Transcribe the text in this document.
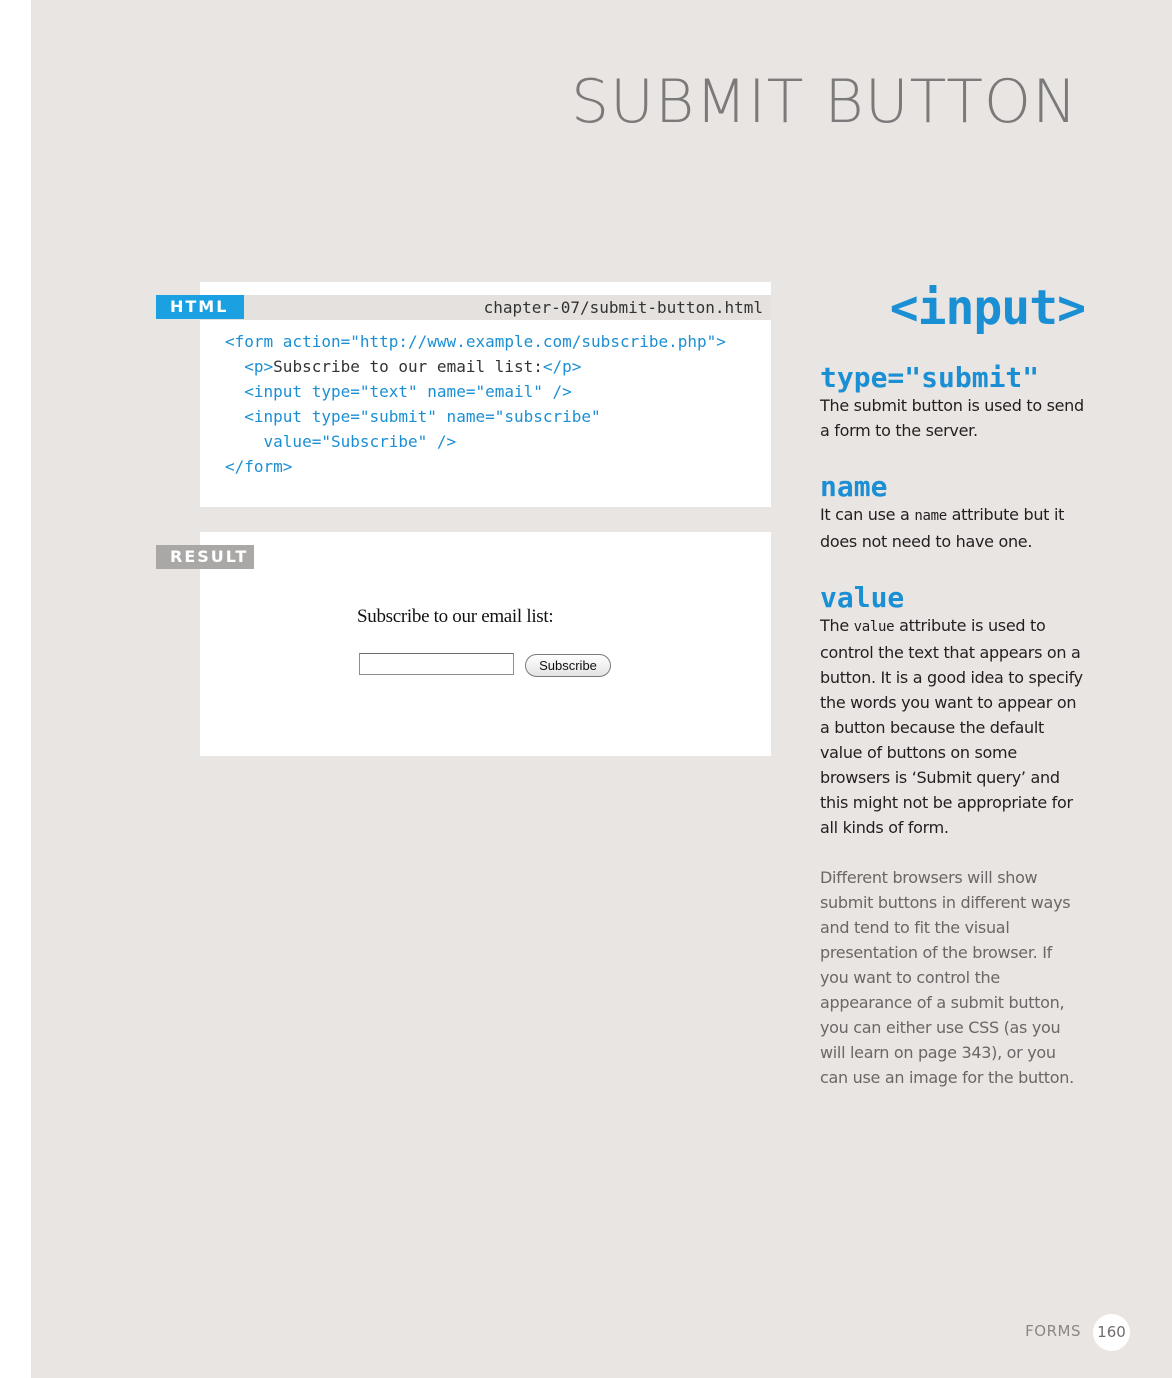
SUBMIT BUTTON
chapter-07/submit-button.html
<form action="http://www.example.com/subscribe.php">
<p>Subscribe to our email list:</p>
<input type="text" name="email" />
<input type="submit" name="subscribe"
value="Subscribe" />
</form>

Subscribe to our email list:

Subscribe
<input>
type="submit"

The submit button is used to send a form to the server.

name

It can use a name attribute but it does not need to have one.

value

The value attribute is used to control the text that appears on a button. It is a good idea to specify the words you want to appear on a button because the default value of buttons on some browsers is ‘Submit query’ and this might not be appropriate for all kinds of form.

Different browsers will show submit buttons in different ways and tend to fit the visual presentation of the browser. If you want to control the appearance of a submit button, you can either use CSS (as you will learn on page 343), or you can use an image for the button.

FORMS 160
HTML
RESULT
